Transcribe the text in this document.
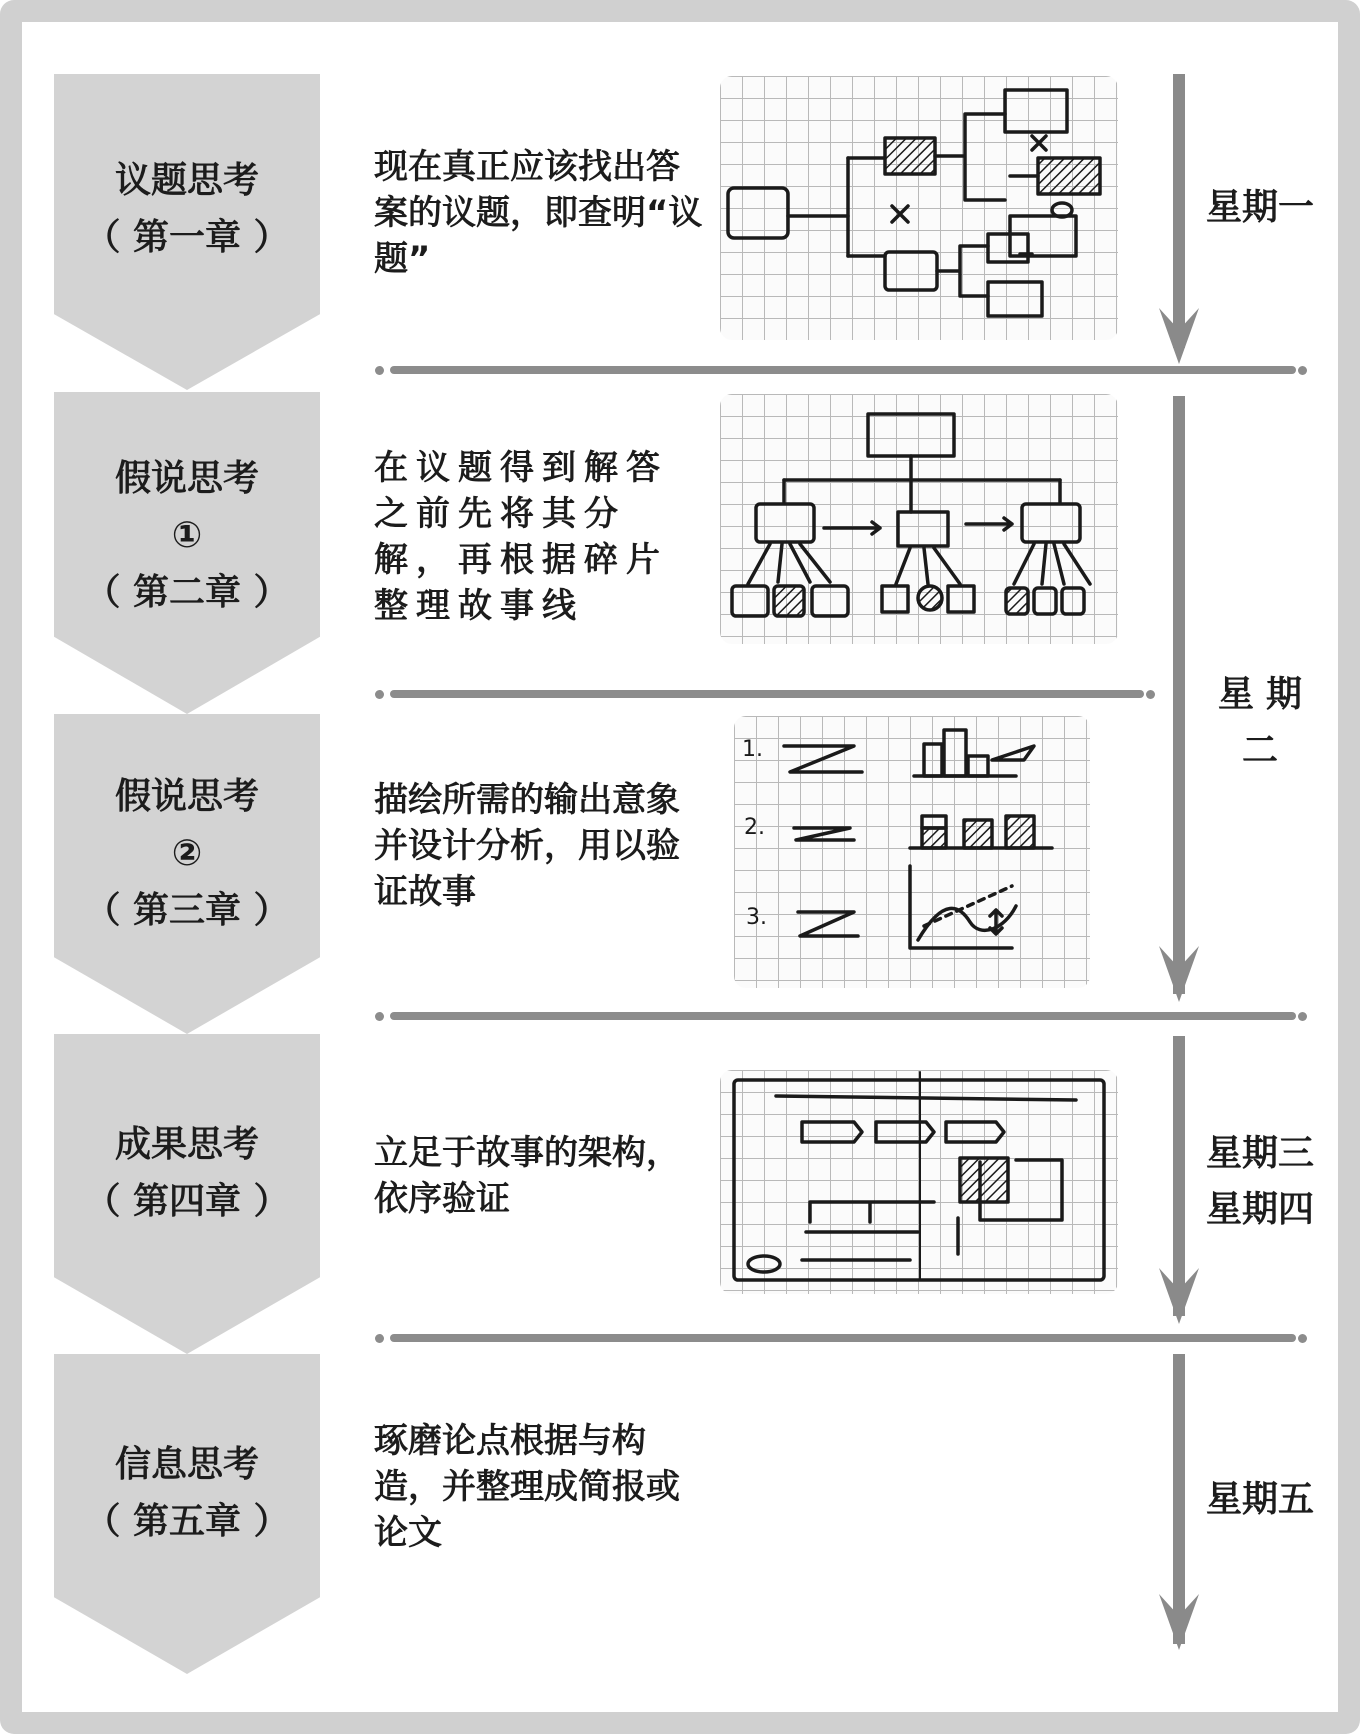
议题思考
（ 第一章 ）
假说思考
①
（ 第二章 ）
假说思考
②
（ 第三章 ）
成果思考
（ 第四章 ）
信息思考
（ 第五章 ）
现在真正应该找出答案的议题，即查明“议题”
在议题得到解答之前先将其分解，再根据碎片整理故事线
描绘所需的输出意象并设计分析，用以验证故事
立足于故事的架构，依序验证
琢磨论点根据与构造，并整理成简报或论文
1.
2.
3.
星期一
星期二
星期三
星期四
星期五
